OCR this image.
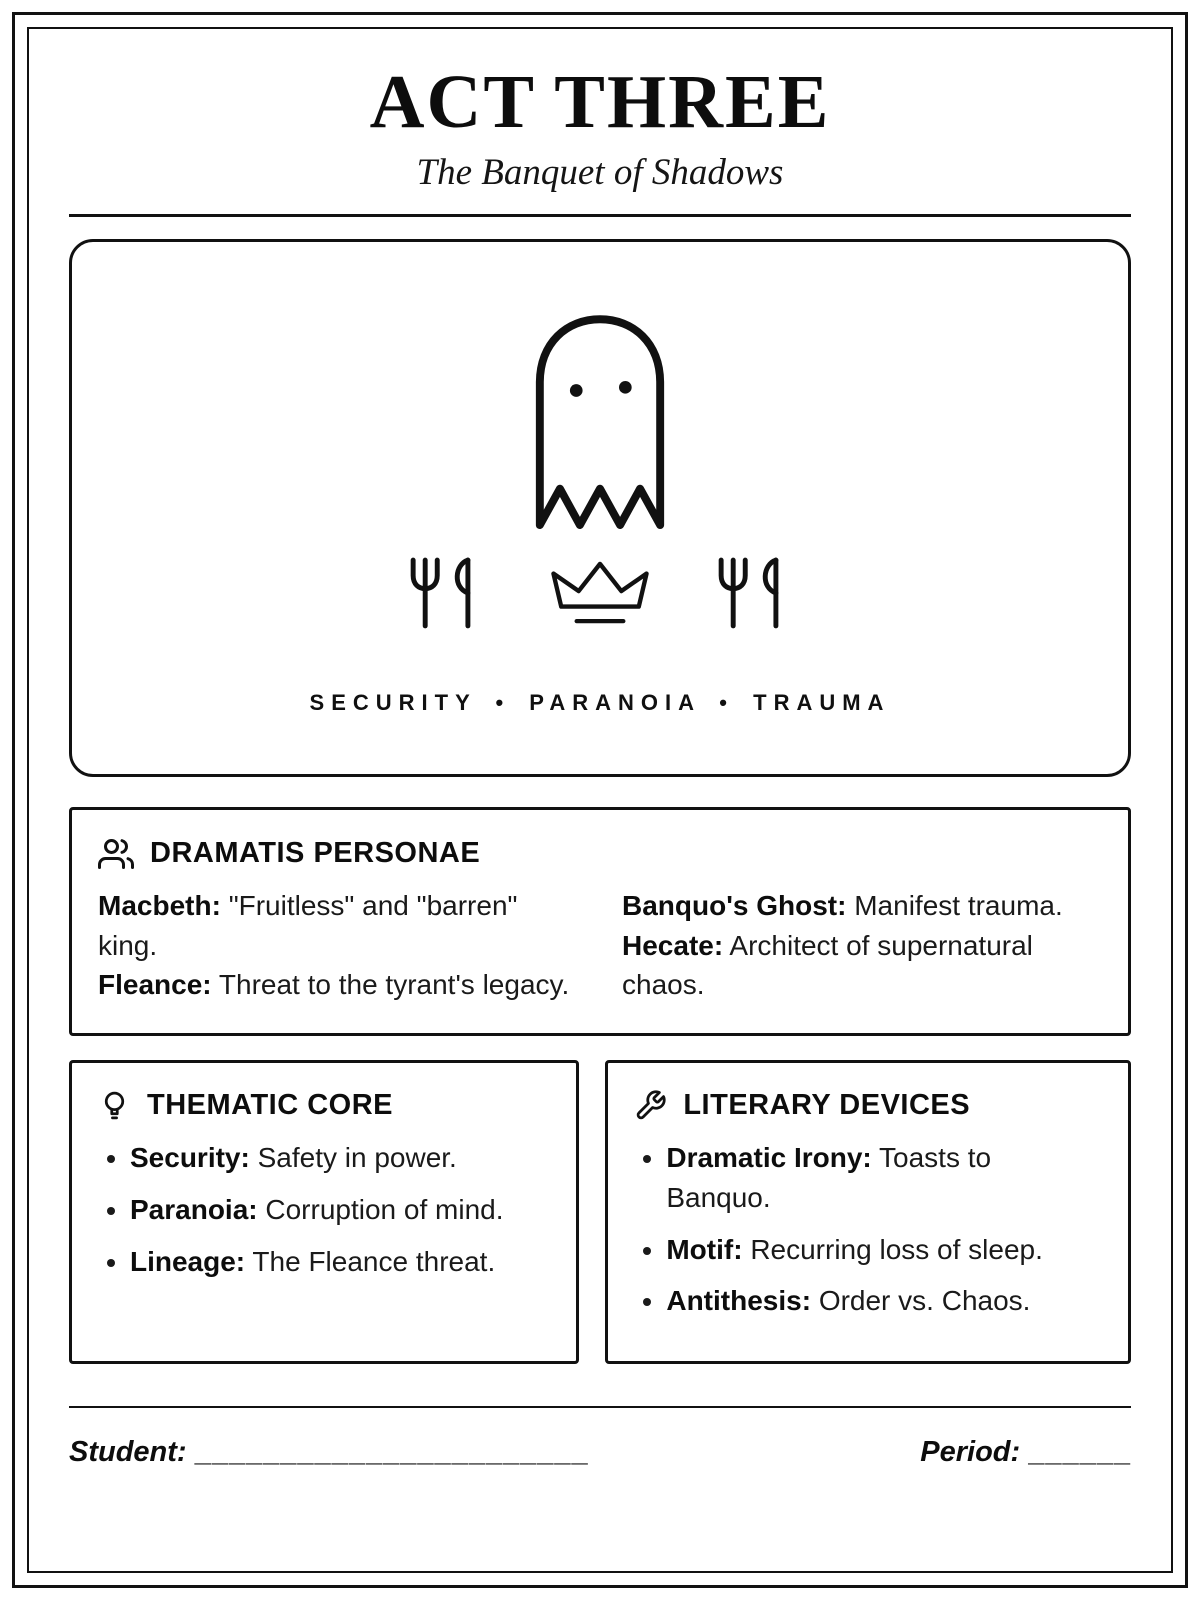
ACT THREE
The Banquet of Shadows
SECURITY • PARANOIA • TRAUMA
DRAMATIS PERSONAE

Macbeth: "Fruitless" and "barren" king.

Fleance: Threat to the tyrant's legacy.

Banquo's Ghost: Manifest trauma.

Hecate: Architect of supernatural chaos.

THEMATIC CORE
• Security: Safety in power.
• Paranoia: Corruption of mind.
• Lineage: The Fleance threat.
LITERARY DEVICES
• Dramatic Irony: Toasts to Banquo.
• Motif: Recurring loss of sleep.
• Antithesis: Order vs. Chaos.
Student: _______________________	Period: ______
